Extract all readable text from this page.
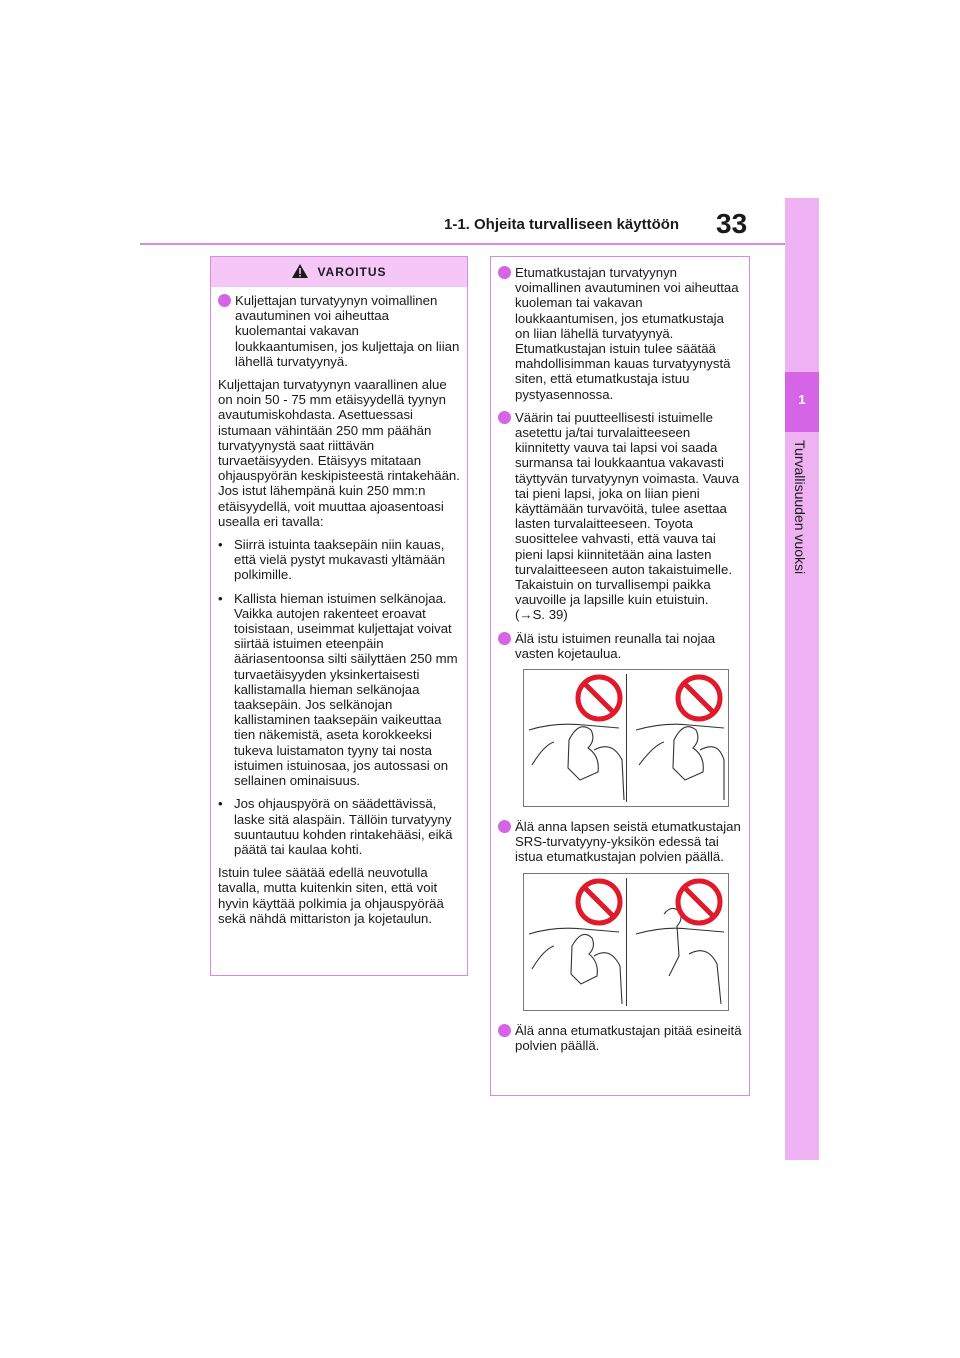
1-1. Ohjeita turvalliseen käyttöön 33
1
Turvallisuuden vuoksi
VAROITUS
Kuljettajan turvatyynyn voimallinen avautuminen voi aiheuttaa kuolemantai vakavan loukkaantumisen, jos kuljettaja on liian lähellä turvatyynyä.

Kuljettajan turvatyynyn vaarallinen alue on noin 50 - 75 mm etäisyydellä tyynyn avautumiskohdasta. Asettuessasi istumaan vähintään 250 mm päähän turvatyynystä saat riittävän turvaetäisyyden. Etäisyys mitataan ohjauspyörän keskipisteestä rintakehään. Jos istut lähempänä kuin 250 mm:n etäisyydellä, voit muuttaa ajoasentoasi usealla eri tavalla:

• Siirrä istuinta taaksepäin niin kauas, että vielä pystyt mukavasti yltämään polkimille.
• Kallista hieman istuimen selkänojaa. Vaikka autojen rakenteet eroavat toisistaan, useimmat kuljettajat voivat siirtää istuimen eteenpäin ääriasentoonsa silti säilyttäen 250 mm turvaetäisyyden yksinkertaisesti kallistamalla hieman selkänojaa taaksepäin. Jos selkänojan kallistaminen taaksepäin vaikeuttaa tien näkemistä, aseta korokkeeksi tukeva luistamaton tyyny tai nosta istuimen istuinosaa, jos autossasi on sellainen ominaisuus.
• Jos ohjauspyörä on säädettävissä, laske sitä alaspäin. Tällöin turvatyyny suuntautuu kohden rintakehääsi, eikä päätä tai kaulaa kohti.

Istuin tulee säätää edellä neuvotulla tavalla, mutta kuitenkin siten, että voit hyvin käyttää polkimia ja ohjauspyörää sekä nähdä mittariston ja kojetaulun.

Etumatkustajan turvatyynyn voimallinen avautuminen voi aiheuttaa kuoleman tai vakavan loukkaantumisen, jos etumatkustaja on liian lähellä turvatyynyä. Etumatkustajan istuin tulee säätää mahdollisimman kauas turvatyynystä siten, että etumatkustaja istuu pystyasennossa.
Väärin tai puutteellisesti istuimelle asetettu ja/tai turvalaitteeseen kiinnitetty vauva tai lapsi voi saada surmansa tai loukkaantua vakavasti täyttyvän turvatyynyn voimasta. Vauva tai pieni lapsi, joka on liian pieni käyttämään turvavöitä, tulee asettaa lasten turvalaitteeseen. Toyota suosittelee vahvasti, että vauva tai pieni lapsi kiinnitetään aina lasten turvalaitteeseen auton takaistuimelle. Takaistuin on turvallisempi paikka vauvoille ja lapsille kuin etuistuin. (→S. 39)
Älä istu istuimen reunalla tai nojaa vasten kojetaulua.
Älä anna lapsen seistä etumatkustajan SRS-turvatyyny-yksikön edessä tai istua etumatkustajan polvien päällä.
Älä anna etumatkustajan pitää esineitä polvien päällä.
